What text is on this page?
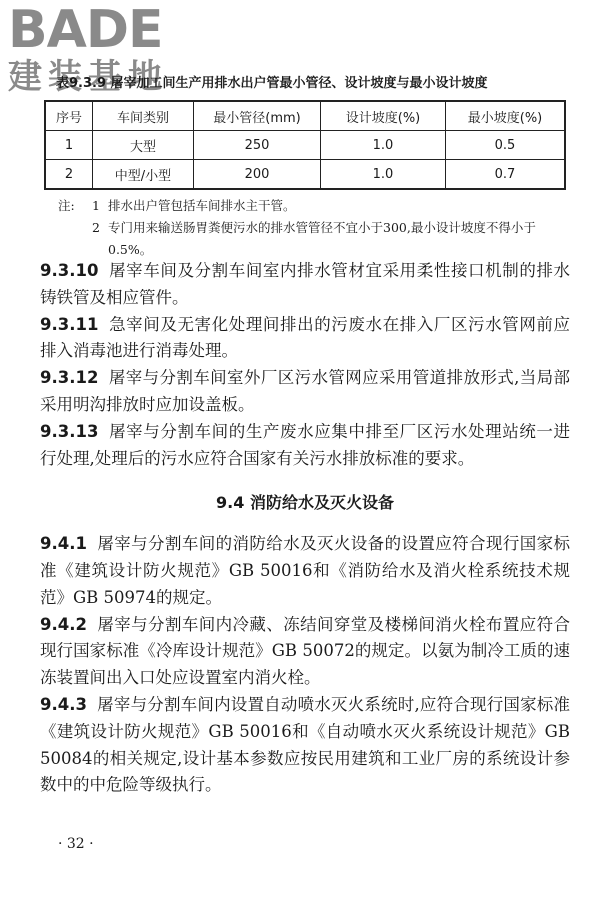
BADE
建装基地
表9.3.9 屠宰加工间生产用排水出户管最小管径、设计坡度与最小设计坡度
序号	车间类别	最小管径(mm)	设计坡度(%)	最小坡度(%)
1	大型	250	1.0	0.5
2	中型/小型	200	1.0	0.7
注:	1 排水出户管包括车间排水主干管。
2 专门用来输送肠胃粪便污水的排水管管径不宜小于300,最小设计坡度不得小于0.5%。

9.3.10 屠宰车间及分割车间室内排水管材宜采用柔性接口机制的排水铸铁管及相应管件。

9.3.11 急宰间及无害化处理间排出的污废水在排入厂区污水管网前应排入消毒池进行消毒处理。

9.3.12 屠宰与分割车间室外厂区污水管网应采用管道排放形式,当局部采用明沟排放时应加设盖板。

9.3.13 屠宰与分割车间的生产废水应集中排至厂区污水处理站统一进行处理,处理后的污水应符合国家有关污水排放标准的要求。

9.4 消防给水及灭火设备

9.4.1 屠宰与分割车间的消防给水及灭火设备的设置应符合现行国家标准《建筑设计防火规范》GB 50016和《消防给水及消火栓系统技术规范》GB 50974的规定。

9.4.2 屠宰与分割车间内冷藏、冻结间穿堂及楼梯间消火栓布置应符合现行国家标准《冷库设计规范》GB 50072的规定。以氨为制冷工质的速冻装置间出入口处应设置室内消火栓。

9.4.3 屠宰与分割车间内设置自动喷水灭火系统时,应符合现行国家标准《建筑设计防火规范》GB 50016和《自动喷水灭火系统设计规范》GB 50084的相关规定,设计基本参数应按民用建筑和工业厂房的系统设计参数中的中危险等级执行。

· 32 ·
